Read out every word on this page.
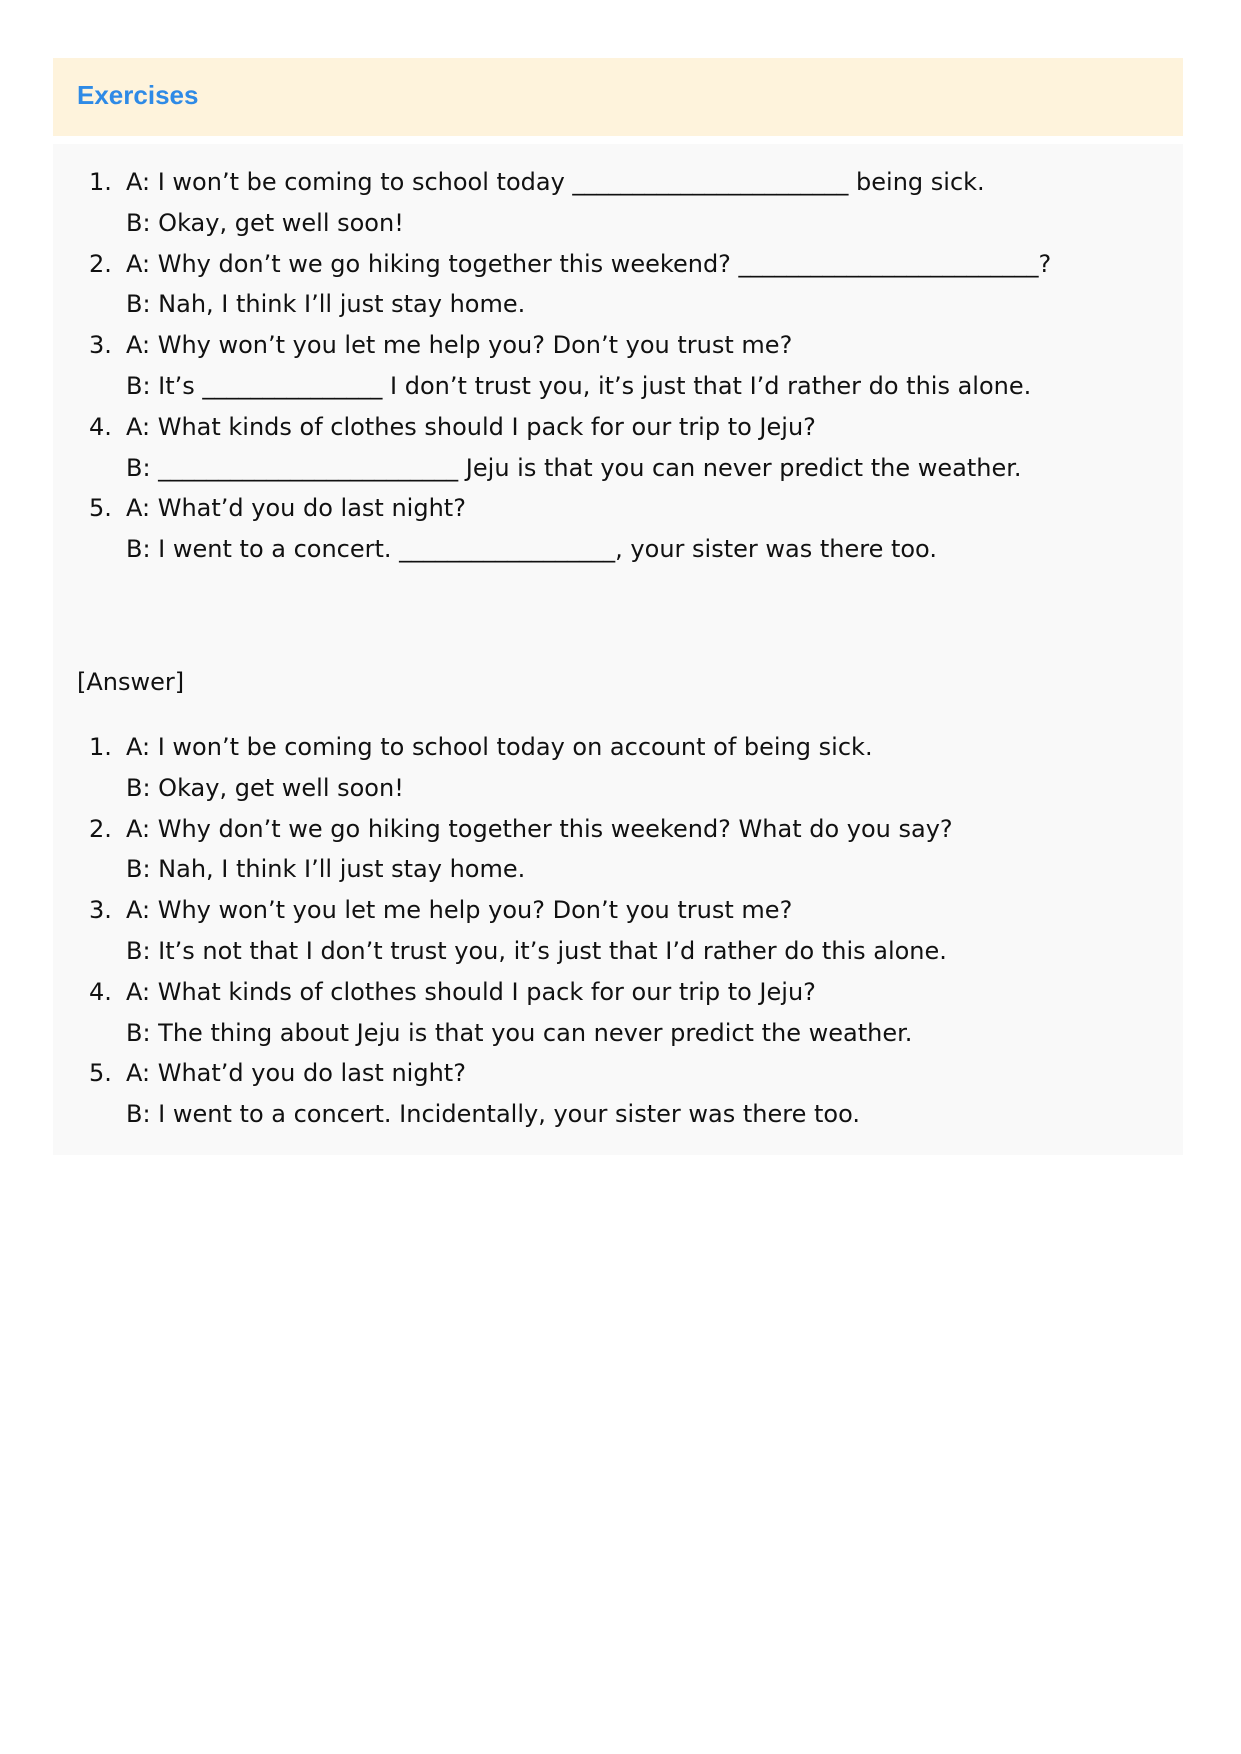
Exercises
1. A: I won’t be coming to school today _______________________ being sick.
B: Okay, get well soon!
2. A: Why don’t we go hiking together this weekend? _________________________?
B: Nah, I think I’ll just stay home.
3. A: Why won’t you let me help you? Don’t you trust me?
B: It’s _______________ I don’t trust you, it’s just that I’d rather do this alone.
4. A: What kinds of clothes should I pack for our trip to Jeju?
B: _________________________ Jeju is that you can never predict the weather.
5. A: What’d you do last night?
B: I went to a concert. __________________, your sister was there too.
[Answer]
1. A: I won’t be coming to school today on account of being sick.
B: Okay, get well soon!
2. A: Why don’t we go hiking together this weekend? What do you say?
B: Nah, I think I’ll just stay home.
3. A: Why won’t you let me help you? Don’t you trust me?
B: It’s not that I don’t trust you, it’s just that I’d rather do this alone.
4. A: What kinds of clothes should I pack for our trip to Jeju?
B: The thing about Jeju is that you can never predict the weather.
5. A: What’d you do last night?
B: I went to a concert. Incidentally, your sister was there too.
